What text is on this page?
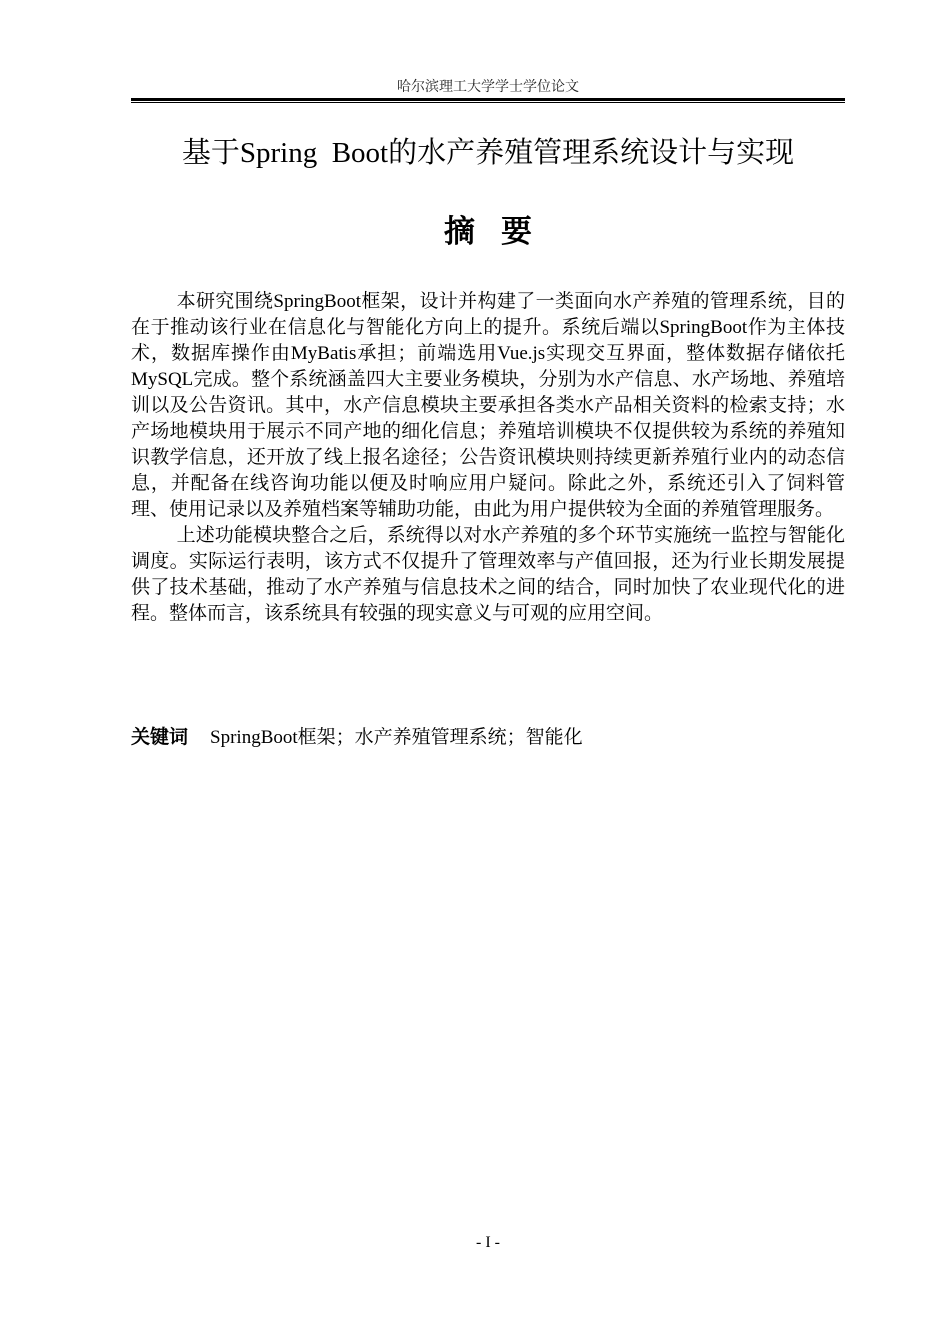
哈尔滨理工大学学士学位论文
基于Spring  Boot的水产养殖管理系统设计与实现
摘要

本研究围绕SpringBoot框架，设计并构建了一类面向水产养殖的管理系统，目的在于推动该行业在信息化与智能化方向上的提升。系统后端以SpringBoot作为主体技术，数据库操作由MyBatis承担；前端选用Vue.js实现交互界面，整体数据存储依托MySQL完成。整个系统涵盖四大主要业务模块，分别为水产信息、水产场地、养殖培训以及公告资讯。其中，水产信息模块主要承担各类水产品相关资料的检索支持；水产场地模块用于展示不同产地的细化信息；养殖培训模块不仅提供较为系统的养殖知识教学信息，还开放了线上报名途径；公告资讯模块则持续更新养殖行业内的动态信息，并配备在线咨询功能以便及时响应用户疑问。除此之外，系统还引入了饲料管理、使用记录以及养殖档案等辅助功能，由此为用户提供较为全面的养殖管理服务。

上述功能模块整合之后，系统得以对水产养殖的多个环节实施统一监控与智能化调度。实际运行表明，该方式不仅提升了管理效率与产值回报，还为行业长期发展提供了技术基础，推动了水产养殖与信息技术之间的结合，同时加快了农业现代化的进程。整体而言，该系统具有较强的现实意义与可观的应用空间。

关键词 SpringBoot框架；水产养殖管理系统；智能化
- I -
